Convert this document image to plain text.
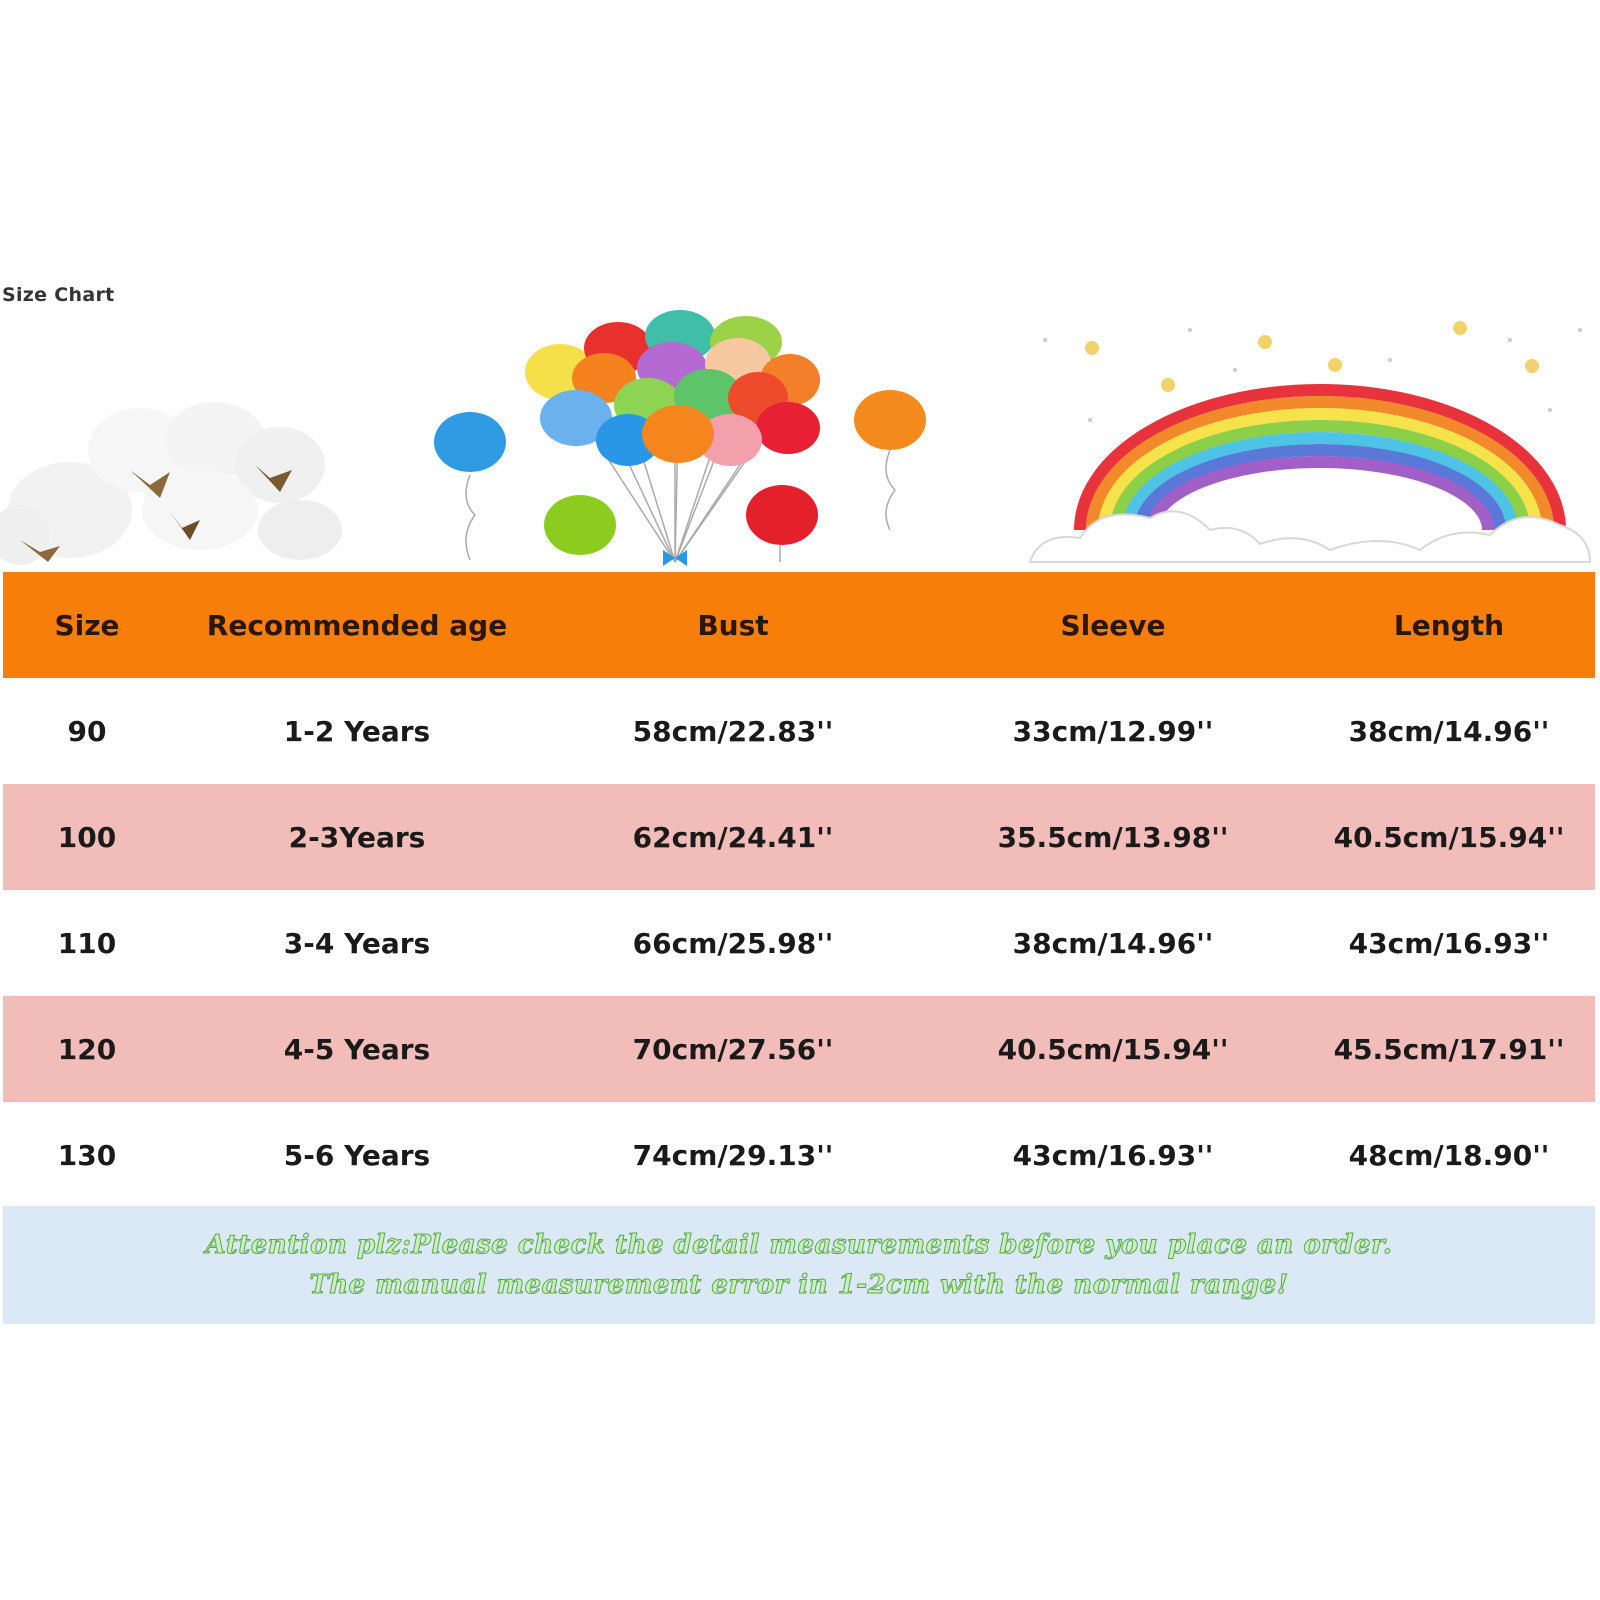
Size Chart
Size	Recommended age	Bust	Sleeve	Length
90	1-2 Years	58cm/22.83''	33cm/12.99''	38cm/14.96''
100	2-3Years	62cm/24.41''	35.5cm/13.98''	40.5cm/15.94''
110	3-4 Years	66cm/25.98''	38cm/14.96''	43cm/16.93''
120	4-5 Years	70cm/27.56''	40.5cm/15.94''	45.5cm/17.91''
130	5-6 Years	74cm/29.13''	43cm/16.93''	48cm/18.90''
Attention plz:Please check the detail measurements before you place an order.
The manual measurement error in 1-2cm with the normal range!
